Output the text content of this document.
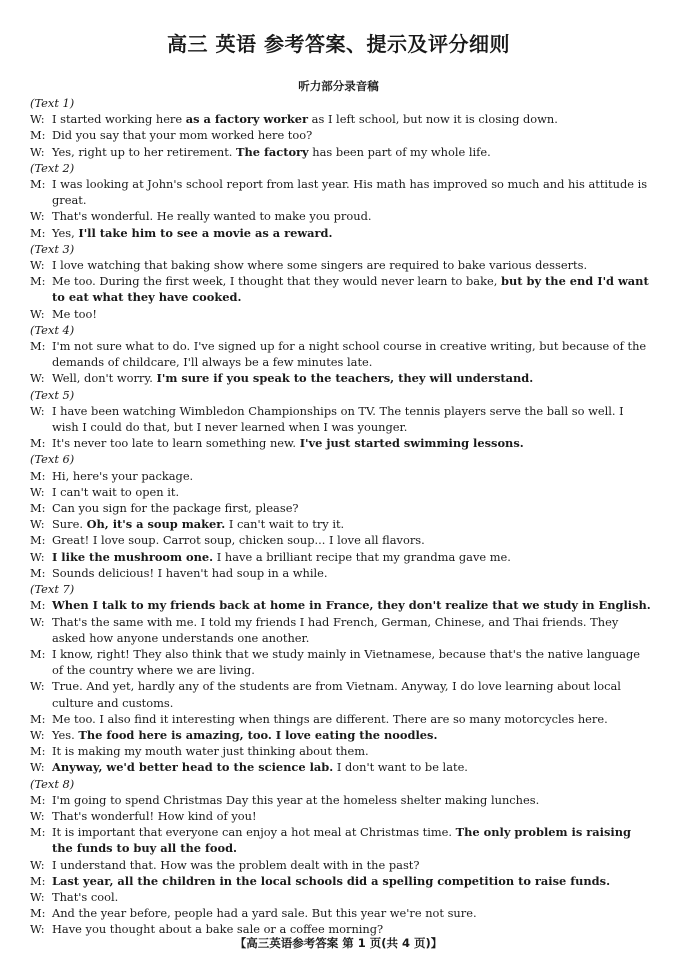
高三 英语 参考答案、提示及评分细则
听力部分录音稿
(Text 1)
W: I started working here as a factory worker as I left school, but now it is closing down.
M: Did you say that your mom worked here too?
W: Yes, right up to her retirement. The factory has been part of my whole life.
(Text 2)
M: I was looking at John's school report from last year. His math has improved so much and his attitude is great.
W: That's wonderful. He really wanted to make you proud.
M: Yes, I'll take him to see a movie as a reward.
(Text 3)
W: I love watching that baking show where some singers are required to bake various desserts.
M: Me too. During the first week, I thought that they would never learn to bake, but by the end I'd want to eat what they have cooked.
W: Me too!
(Text 4)
M: I'm not sure what to do. I've signed up for a night school course in creative writing, but because of the demands of childcare, I'll always be a few minutes late.
W: Well, don't worry. I'm sure if you speak to the teachers, they will understand.
(Text 5)
W: I have been watching Wimbledon Championships on TV. The tennis players serve the ball so well. I wish I could do that, but I never learned when I was younger.
M: It's never too late to learn something new. I've just started swimming lessons.
(Text 6)
M: Hi, here's your package.
W: I can't wait to open it.
M: Can you sign for the package first, please?
W: Sure. Oh, it's a soup maker. I can't wait to try it.
M: Great! I love soup. Carrot soup, chicken soup... I love all flavors.
W: I like the mushroom one. I have a brilliant recipe that my grandma gave me.
M: Sounds delicious! I haven't had soup in a while.
(Text 7)
M: When I talk to my friends back at home in France, they don't realize that we study in English.
W: That's the same with me. I told my friends I had French, German, Chinese, and Thai friends. They asked how anyone understands one another.
M: I know, right! They also think that we study mainly in Vietnamese, because that's the native language of the country where we are living.
W: True. And yet, hardly any of the students are from Vietnam. Anyway, I do love learning about local culture and customs.
M: Me too. I also find it interesting when things are different. There are so many motorcycles here.
W: Yes. The food here is amazing, too. I love eating the noodles.
M: It is making my mouth water just thinking about them.
W: Anyway, we'd better head to the science lab. I don't want to be late.
(Text 8)
M: I'm going to spend Christmas Day this year at the homeless shelter making lunches.
W: That's wonderful! How kind of you!
M: It is important that everyone can enjoy a hot meal at Christmas time. The only problem is raising the funds to buy all the food.
W: I understand that. How was the problem dealt with in the past?
M: Last year, all the children in the local schools did a spelling competition to raise funds.
W: That's cool.
M: And the year before, people had a yard sale. But this year we're not sure.
W: Have you thought about a bake sale or a coffee morning?
【高三英语参考答案 第 1 页(共 4 页)】
